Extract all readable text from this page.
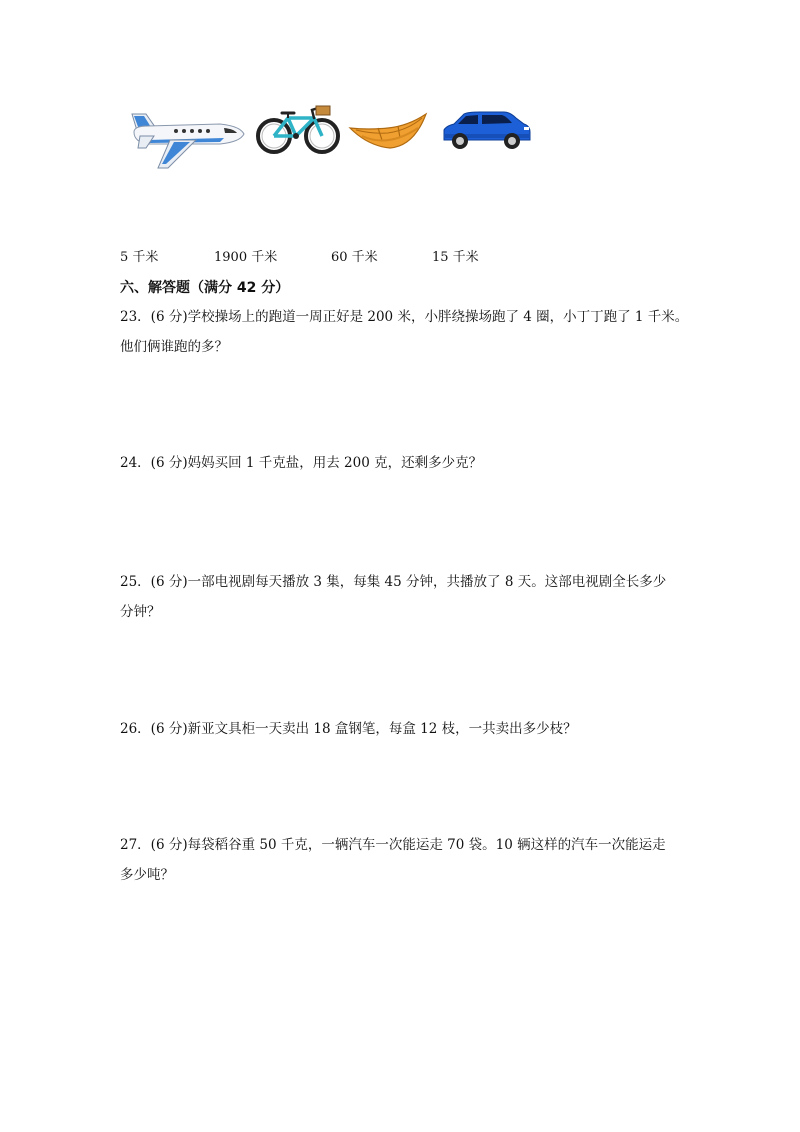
5 千米	1900 千米	60 千米	15 千米
六、解答题（满分 42 分）
23．(6 分)学校操场上的跑道一周正好是 200 米，小胖绕操场跑了 4 圈，小丁丁跑了 1 千米。
他们俩谁跑的多？
24．(6 分)妈妈买回 1 千克盐，用去 200 克，还剩多少克？
25．(6 分)一部电视剧每天播放 3 集，每集 45 分钟，共播放了 8 天。这部电视剧全长多少
分钟？
26．(6 分)新亚文具柜一天卖出 18 盒钢笔，每盒 12 枝，一共卖出多少枝？
27．(6 分)每袋稻谷重 50 千克，一辆汽车一次能运走 70 袋。10 辆这样的汽车一次能运走
多少吨？
